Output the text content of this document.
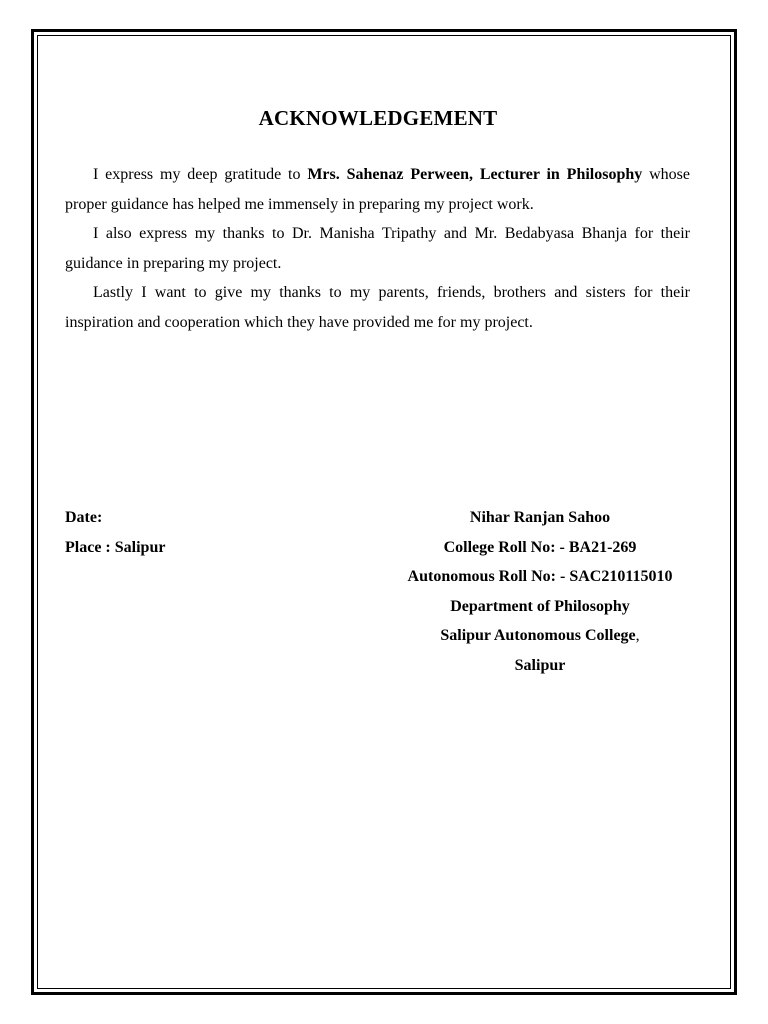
ACKNOWLEDGEMENT

I express my deep gratitude to Mrs. Sahenaz Perween, Lecturer in Philosophy whose proper guidance has helped me immensely in preparing my project work.

I also express my thanks to Dr. Manisha Tripathy and Mr. Bedabyasa Bhanja for their guidance in preparing my project.

Lastly I want to give my thanks to my parents, friends, brothers and sisters for their inspiration and cooperation which they have provided me for my project.

Date:
Place : Salipur
Nihar Ranjan Sahoo
College Roll No: - BA21-269
Autonomous Roll No: - SAC210115010
Department of Philosophy
Salipur Autonomous College,
Salipur
